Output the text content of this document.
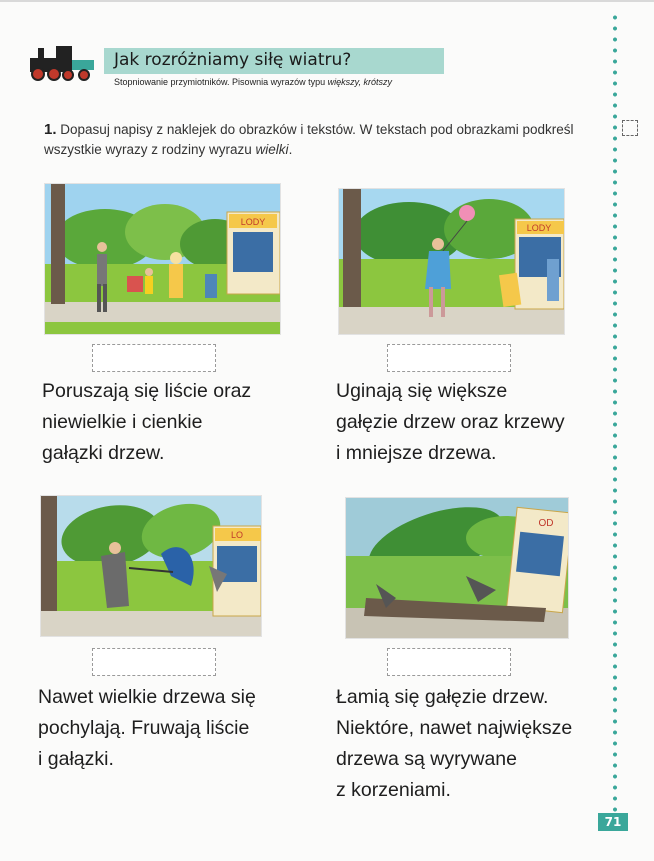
Jak rozróżniamy siłę wiatru?
Stopniowanie przymiotników. Pisownia wyrazów typu większy, krótszy
1. Dopasuj napisy z naklejek do obrazków i tekstów. W tekstach pod obrazkami podkreśl wszystkie wyrazy z rodziny wyrazu wielki.
LODY
LODY
LO
OD
Poruszają się liście oraz
niewielkie i cienkie
gałązki drzew.
Uginają się większe
gałęzie drzew oraz krzewy
i mniejsze drzewa.
Nawet wielkie drzewa się
pochylają. Fruwają liście
i gałązki.
Łamią się gałęzie drzew.
Niektóre, nawet największe
drzewa są wyrywane
z korzeniami.
71
